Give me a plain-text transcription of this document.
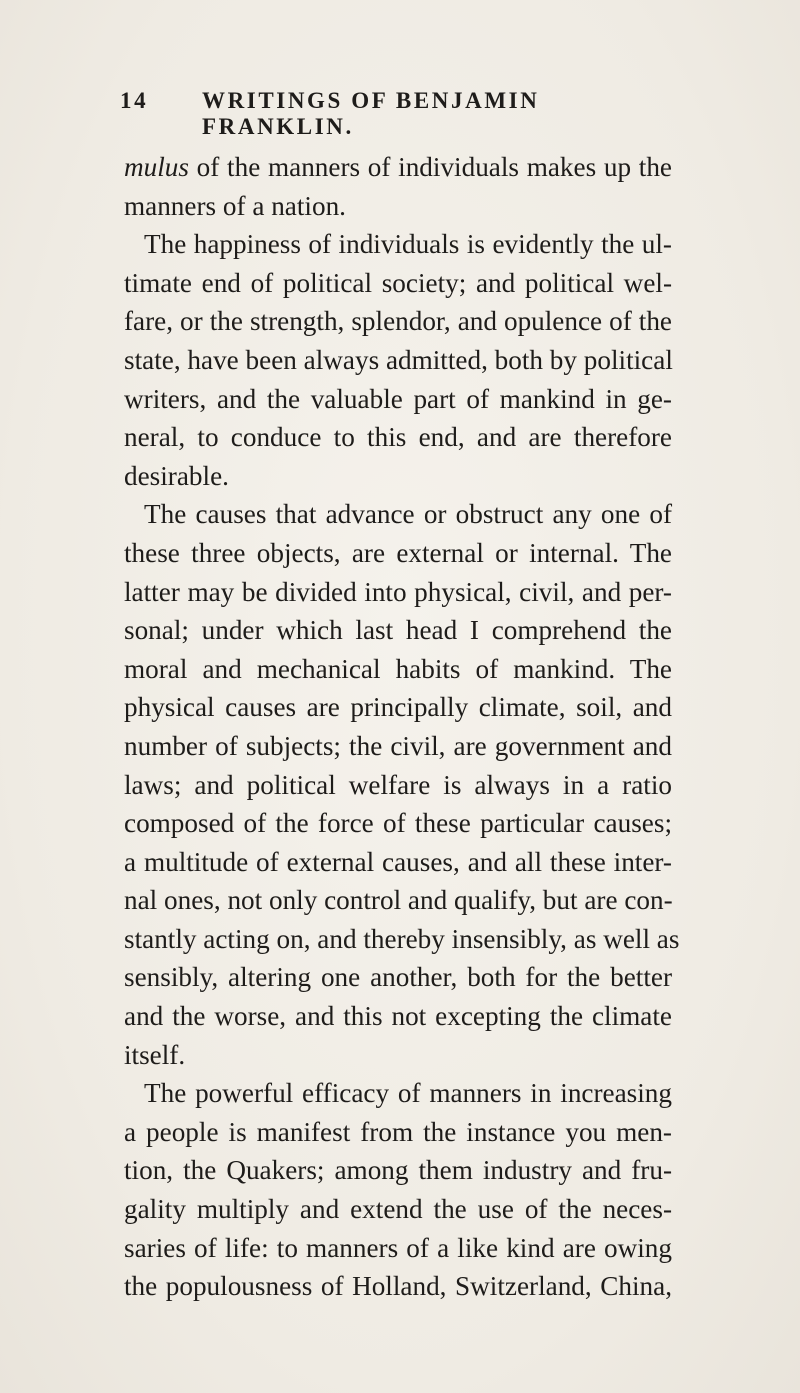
14 WRITINGS OF BENJAMIN FRANKLIN.
mulus of the manners of individuals makes up the
manners of a nation.
The happiness of individuals is evidently the ul-
timate end of political society; and political wel-
fare, or the strength, splendor, and opulence of the
state, have been always admitted, both by political
writers, and the valuable part of mankind in ge-
neral, to conduce to this end, and are therefore
desirable.
The causes that advance or obstruct any one of
these three objects, are external or internal. The
latter may be divided into physical, civil, and per-
sonal; under which last head I comprehend the
moral and mechanical habits of mankind. The
physical causes are principally climate, soil, and
number of subjects; the civil, are government and
laws; and political welfare is always in a ratio
composed of the force of these particular causes;
a multitude of external causes, and all these inter-
nal ones, not only control and qualify, but are con-
stantly acting on, and thereby insensibly, as well as
sensibly, altering one another, both for the better
and the worse, and this not excepting the climate
itself.
The powerful efficacy of manners in increasing
a people is manifest from the instance you men-
tion, the Quakers; among them industry and fru-
gality multiply and extend the use of the neces-
saries of life: to manners of a like kind are owing
the populousness of Holland, Switzerland, China,
